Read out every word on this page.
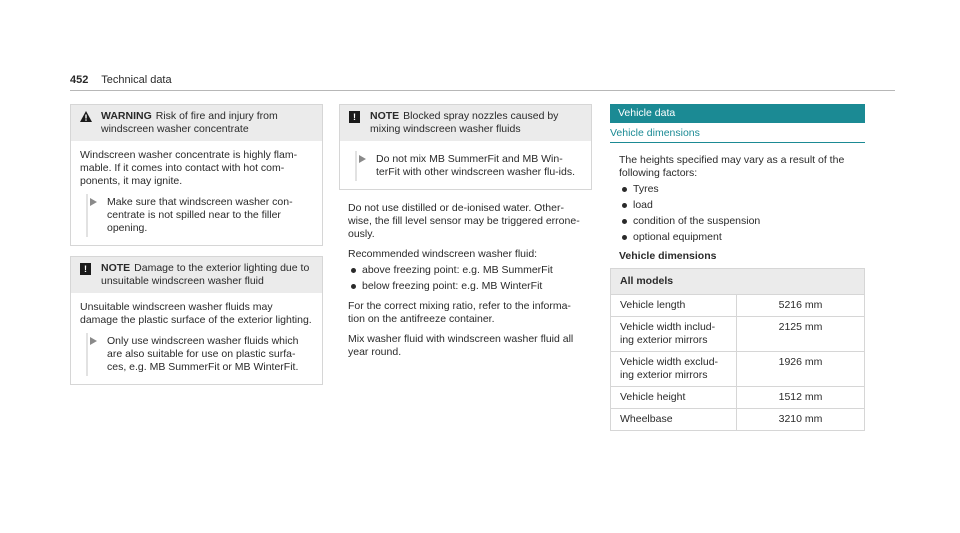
452 Technical data
WARNING Risk of fire and injury from windscreen washer concentrate
Windscreen washer concentrate is highly flam-mable. If it comes into contact with hot com-ponents, it may ignite.
Make sure that windscreen washer con-centrate is not spilled near to the filler opening.
!	NOTE Damage to the exterior lighting due to unsuitable windscreen washer fluid
Unsuitable windscreen washer fluids may damage the plastic surface of the exterior lighting.
Only use windscreen washer fluids which are also suitable for use on plastic surfa-ces, e.g. MB SummerFit or MB WinterFit.
!	NOTE Blocked spray nozzles caused by mixing windscreen washer fluids
Do not mix MB SummerFit and MB Win-terFit with other windscreen washer flu-ids.
Do not use distilled or de-ionised water. Other-wise, the fill level sensor may be triggered errone-ously.
Recommended windscreen washer fluid:
above freezing point: e.g. MB SummerFit
below freezing point: e.g. MB WinterFit
For the correct mixing ratio, refer to the informa-tion on the antifreeze container.
Mix washer fluid with windscreen washer fluid all year round.
Vehicle data
Vehicle dimensions
The heights specified may vary as a result of the following factors:
Tyres
load
condition of the suspension
optional equipment
Vehicle dimensions
All models	
Vehicle length	5216 mm
Vehicle width includ-ing exterior mirrors	2125 mm
Vehicle width exclud-ing exterior mirrors	1926 mm
Vehicle height	1512 mm
Wheelbase	3210 mm
